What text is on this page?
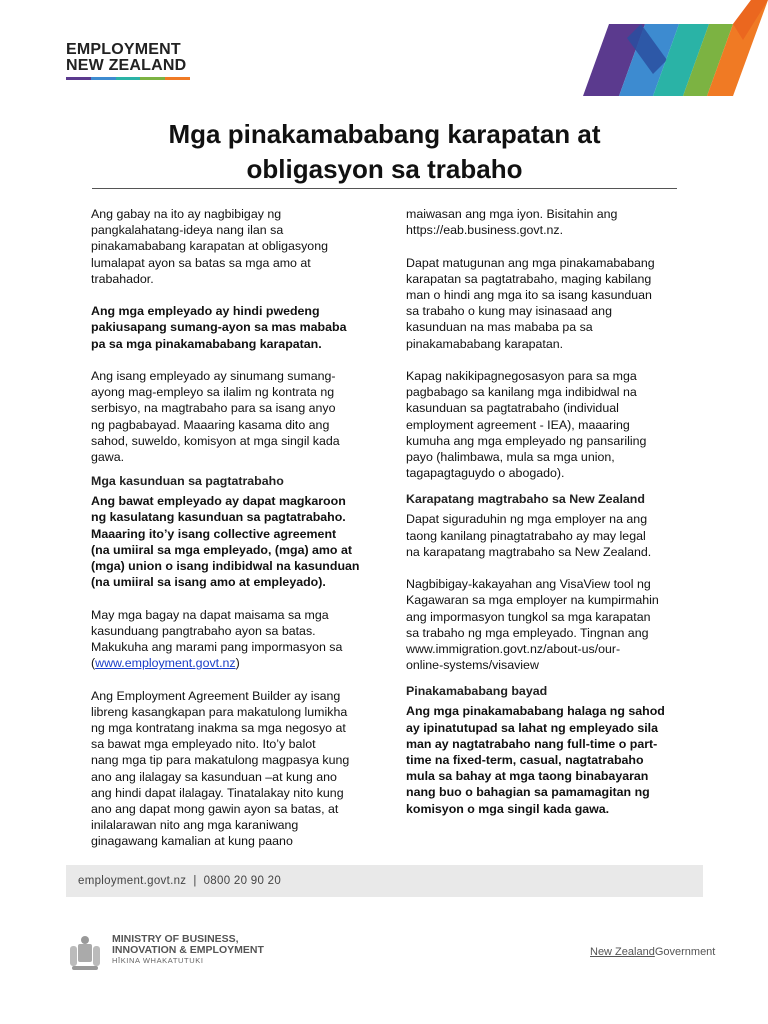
EMPLOYMENT
NEW ZEALAND
Mga pinakamababang karapatan at
obligasyon sa trabaho

Ang gabay na ito ay nagbibigay ng
pangkalahatang-ideya nang ilan sa
pinakamababang karapatan at obligasyong
lumalapat ayon sa batas sa mga amo at
trabahador.

Ang mga empleyado ay hindi pwedeng
pakiusapang sumang-ayon sa mas mababa
pa sa mga pinakamababang karapatan.

Ang isang empleyado ay sinumang sumang-
ayong mag-empleyo sa ilalim ng kontrata ng
serbisyo, na magtrabaho para sa isang anyo
ng pagbabayad. Maaaring kasama dito ang
sahod, suweldo, komisyon at mga singil kada
gawa.

Mga kasunduan sa pagtatrabaho

Ang bawat empleyado ay dapat magkaroon
ng kasulatang kasunduan sa pagtatrabaho.
Maaaring ito’y isang collective agreement
(na umiiral sa mga empleyado, (mga) amo at
(mga) union o isang indibidwal na kasunduan
(na umiiral sa isang amo at empleyado).

May mga bagay na dapat maisama sa mga
kasunduang pangtrabaho ayon sa batas.
Makukuha ang marami pang impormasyon sa
(www.employment.govt.nz)

Ang Employment Agreement Builder ay isang
libreng kasangkapan para makatulong lumikha
ng mga kontratang inakma sa mga negosyo at
sa bawat mga empleyado nito. Ito’y balot
nang mga tip para makatulong magpasya kung
ano ang ilalagay sa kasunduan –at kung ano
ang hindi dapat ilalagay. Tinatalakay nito kung
ano ang dapat mong gawin ayon sa batas, at
inilalarawan nito ang mga karaniwang
ginagawang kamalian at kung paano

maiwasan ang mga iyon. Bisitahin ang
https://eab.business.govt.nz.

Dapat matugunan ang mga pinakamababang
karapatan sa pagtatrabaho, maging kabilang
man o hindi ang mga ito sa isang kasunduan
sa trabaho o kung may isinasaad ang
kasunduan na mas mababa pa sa
pinakamababang karapatan.

Kapag nakikipagnegosasyon para sa mga
pagbabago sa kanilang mga indibidwal na
kasunduan sa pagtatrabaho (individual
employment agreement - IEA), maaaring
kumuha ang mga empleyado ng pansariling
payo (halimbawa, mula sa mga union,
tagapagtaguydo o abogado).

Karapatang magtrabaho sa New Zealand

Dapat siguraduhin ng mga employer na ang
taong kanilang pinagtatrabaho ay may legal
na karapatang magtrabaho sa New Zealand.

Nagbibigay-kakayahan ang VisaView tool ng
Kagawaran sa mga employer na kumpirmahin
ang impormasyon tungkol sa mga karapatan
sa trabaho ng mga empleyado. Tingnan ang
www.immigration.govt.nz/about-us/our-
online-systems/visaview

Pinakamababang bayad

Ang mga pinakamababang halaga ng sahod
ay ipinatutupad sa lahat ng empleyado sila
man ay nagtatrabaho nang full-time o part-
time na fixed-term, casual, nagtatrabaho
mula sa bahay at mga taong binabayaran
nang buo o bahagian sa pamamagitan ng
komisyon o mga singil kada gawa.

employment.govt.nz | 0800 20 90 20
MINISTRY OF BUSINESS,
INNOVATION & EMPLOYMENT
HĪKINA WHAKATUTUKI
New ZealandGovernment
